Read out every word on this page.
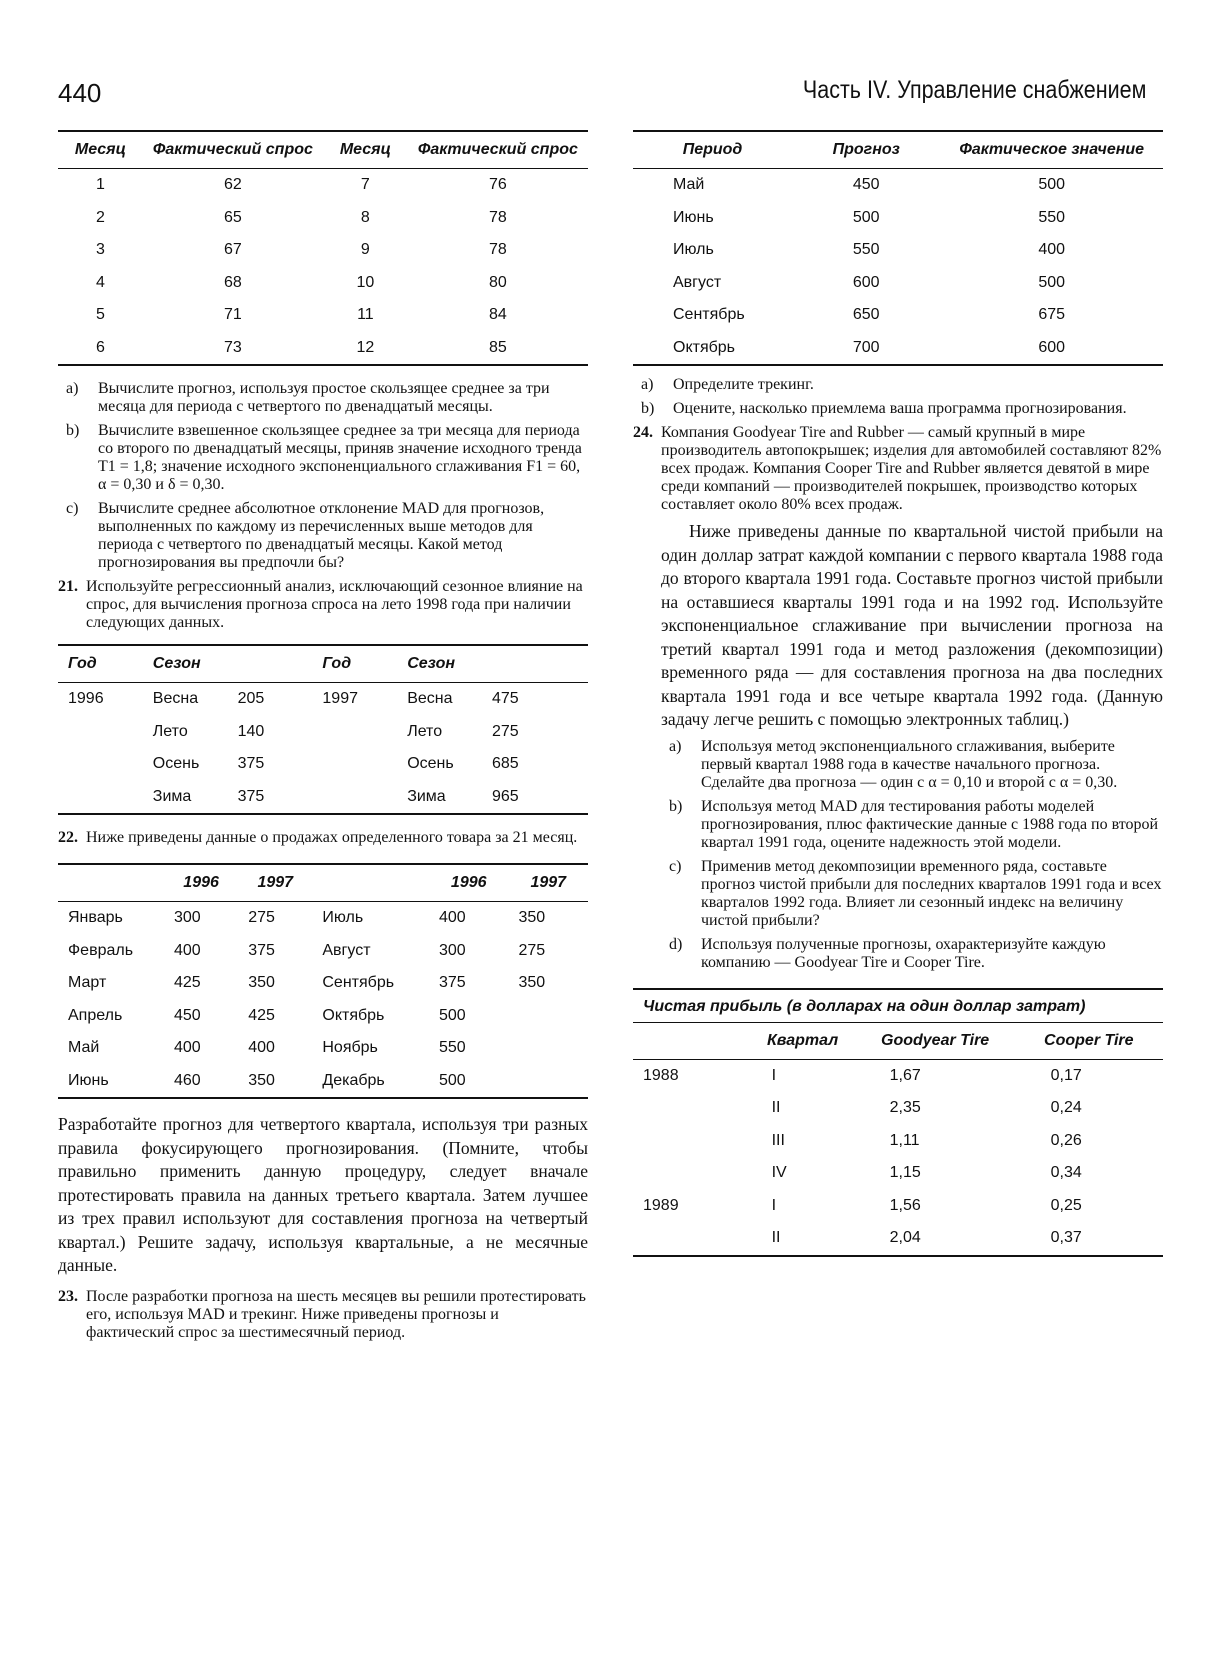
440	Часть IV. Управление снабжением
Месяц	Фактический спрос	Месяц	Фактический спрос
1	62	7	76
2	65	8	78
3	67	9	78
4	68	10	80
5	71	11	84
6	73	12	85
a)	Вычислите прогноз, используя простое скользящее среднее за три месяца для периода с четвертого по двенадцатый месяцы.
b)	Вычислите взвешенное скользящее среднее за три месяца для периода со второго по двенадцатый месяцы, приняв значение исходного тренда T1 = 1,8; значение исходного экспоненциального сглаживания F1 = 60, α = 0,30 и δ = 0,30.
c)	Вычислите среднее абсолютное отклонение MAD для прогнозов, выполненных по каждому из перечисленных выше методов для периода с четвертого по двенадцатый месяцы. Какой метод прогнозирования вы предпочли бы?
21. Используйте регрессионный анализ, исключающий сезонное влияние на спрос, для вычисления прогноза спроса на лето 1998 года при наличии следующих данных.
Год	Сезон		Год	Сезон	
1996	Весна	205	1997	Весна	475
	Лето	140		Лето	275
	Осень	375		Осень	685
	Зима	375		Зима	965
22. Ниже приведены данные о продажах определенного товара за 21 месяц.
	1996	1997		1996	1997
Январь	300	275	Июль	400	350
Февраль	400	375	Август	300	275
Март	425	350	Сентябрь	375	350
Апрель	450	425	Октябрь	500	
Май	400	400	Ноябрь	550	
Июнь	460	350	Декабрь	500	

Разработайте прогноз для четвертого квартала, используя три разных правила фокусирующего прогнозирования. (Помните, чтобы правильно применить данную процедуру, следует вначале протестировать правила на данных третьего квартала. Затем лучшее из трех правил используют для составления прогноза на четвертый квартал.) Решите задачу, используя квартальные, а не месячные данные.

23. После разработки прогноза на шесть месяцев вы решили протестировать его, используя MAD и трекинг. Ниже приведены прогнозы и фактический спрос за шестимесячный период.
Период	Прогноз	Фактическое значение
Май	450	500
Июнь	500	550
Июль	550	400
Август	600	500
Сентябрь	650	675
Октябрь	700	600
a)	Определите трекинг.
b)	Оцените, насколько приемлема ваша программа прогнозирования.
24. Компания Goodyear Tire and Rubber — самый крупный в мире производитель автопокрышек; изделия для автомобилей составляют 82% всех продаж. Компания Cooper Tire and Rubber является девятой в мире среди компаний — производителей покрышек, производство которых составляет около 80% всех продаж.

Ниже приведены данные по квартальной чистой прибыли на один доллар затрат каждой компании с первого квартала 1988 года до второго квартала 1991 года. Составьте прогноз чистой прибыли на оставшиеся кварталы 1991 года и на 1992 год. Используйте экспоненциальное сглаживание при вычислении прогноза на третий квартал 1991 года и метод разложения (декомпозиции) временного ряда — для составления прогноза на два последних квартала 1991 года и все четыре квартала 1992 года. (Данную задачу легче решить с помощью электронных таблиц.)

a)	Используя метод экспоненциального сглаживания, выберите первый квартал 1988 года в качестве начального прогноза. Сделайте два прогноза — один с α = 0,10 и второй с α = 0,30.
b)	Используя метод MAD для тестирования работы моделей прогнозирования, плюс фактические данные с 1988 года по второй квартал 1991 года, оцените надежность этой модели.
c)	Применив метод декомпозиции временного ряда, составьте прогноз чистой прибыли для последних кварталов 1991 года и всех кварталов 1992 года. Влияет ли сезонный индекс на величину чистой прибыли?
d)	Используя полученные прогнозы, охарактеризуйте каждую компанию — Goodyear Tire и Cooper Tire.
Чистая прибыль (в долларах на один доллар затрат)
	Квартал	Goodyear Tire	Cooper Tire
1988	I	1,67	0,17
	II	2,35	0,24
	III	1,11	0,26
	IV	1,15	0,34
1989	I	1,56	0,25
	II	2,04	0,37
